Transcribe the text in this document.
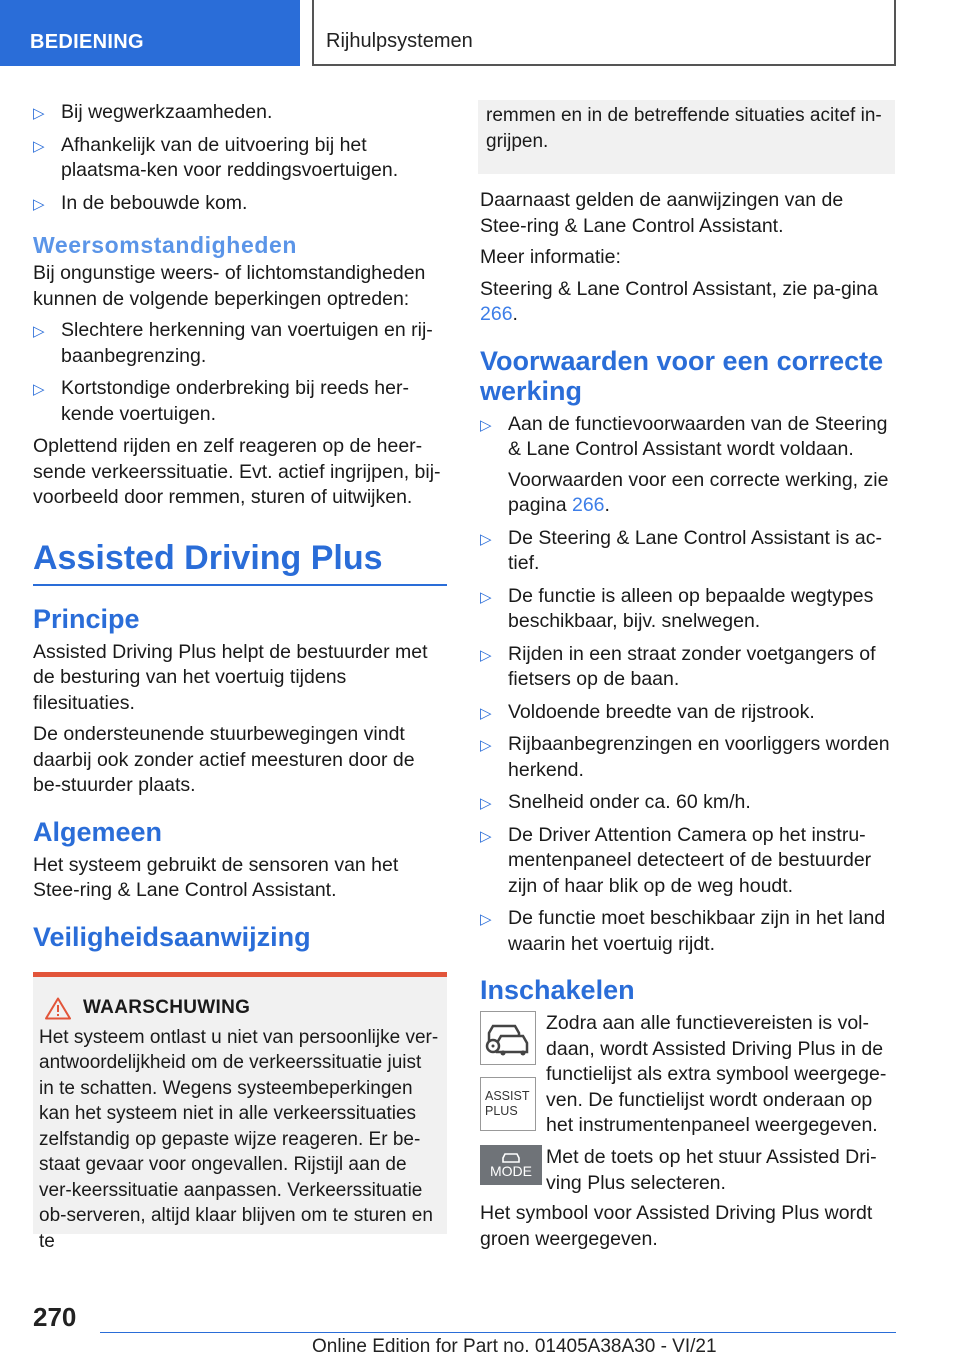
BEDIENING	Rijhulpsystemen
▷ Bij wegwerkzaamheden.
▷ Afhankelijk van de uitvoering bij het plaatsma-ken voor reddingsvoertuigen.
▷ In de bebouwde kom.
Weersomstandigheden

Bij ongunstige weers- of lichtomstandigheden kunnen de volgende beperkingen optreden:

▷ Slechtere herkenning van voertuigen en rij-baanbegrenzing.
▷ Kortstondige onderbreking bij reeds her-kende voertuigen.

Oplettend rijden en zelf reageren op de heer-sende verkeerssituatie. Evt. actief ingrijpen, bij-voorbeeld door remmen, sturen of uitwijken.

Assisted Driving Plus
Principe

Assisted Driving Plus helpt de bestuurder met de besturing van het voertuig tijdens filesituaties.

De ondersteunende stuurbewegingen vindt daarbij ook zonder actief meesturen door de be-stuurder plaats.

Algemeen

Het systeem gebruikt de sensoren van het Stee-ring & Lane Control Assistant.

Veiligheidsaanwijzing
WAARSCHUWING

Het systeem ontlast u niet van persoonlijke ver-antwoordelijkheid om de verkeerssituatie juist in te schatten. Wegens systeembeperkingen kan het systeem niet in alle verkeerssituaties zelfstandig op gepaste wijze reageren. Er be-staat gevaar voor ongevallen. Rijstijl aan de ver-keerssituatie aanpassen. Verkeerssituatie ob-serveren, altijd klaar blijven om te sturen en te

remmen en in de betreffende situaties acitef in-grijpen.

Daarnaast gelden de aanwijzingen van de Stee-ring & Lane Control Assistant.

Meer informatie:

Steering & Lane Control Assistant, zie pa-gina 266.

Voorwaarden voor een correcte werking
▷ Aan de functievoorwaarden van de Steering & Lane Control Assistant wordt voldaan.
Voorwaarden voor een correcte werking, zie pagina 266.
▷ De Steering & Lane Control Assistant is ac-tief.
▷ De functie is alleen op bepaalde wegtypes beschikbaar, bijv. snelwegen.
▷ Rijden in een straat zonder voetgangers of fietsers op de baan.
▷ Voldoende breedte van de rijstrook.
▷ Rijbaanbegrenzingen en voorliggers worden herkend.
▷ Snelheid onder ca. 60 km/h.
▷ De Driver Attention Camera op het instru-mentenpaneel detecteert of de bestuurder zijn of haar blik op de weg houdt.
▷ De functie moet beschikbaar zijn in het land waarin het voertuig rijdt.
Inschakelen
ASSIST
PLUS
Zodra aan alle functievereisten is vol-daan, wordt Assisted Driving Plus in de functielijst als extra symbool weergege-ven. De functielijst wordt onderaan op het instrumentenpaneel weergegeven.
MODE
Met de toets op het stuur Assisted Dri-ving Plus selecteren.

Het symbool voor Assisted Driving Plus wordt groen weergegeven.

270
Online Edition for Part no. 01405A38A30 - VI/21
